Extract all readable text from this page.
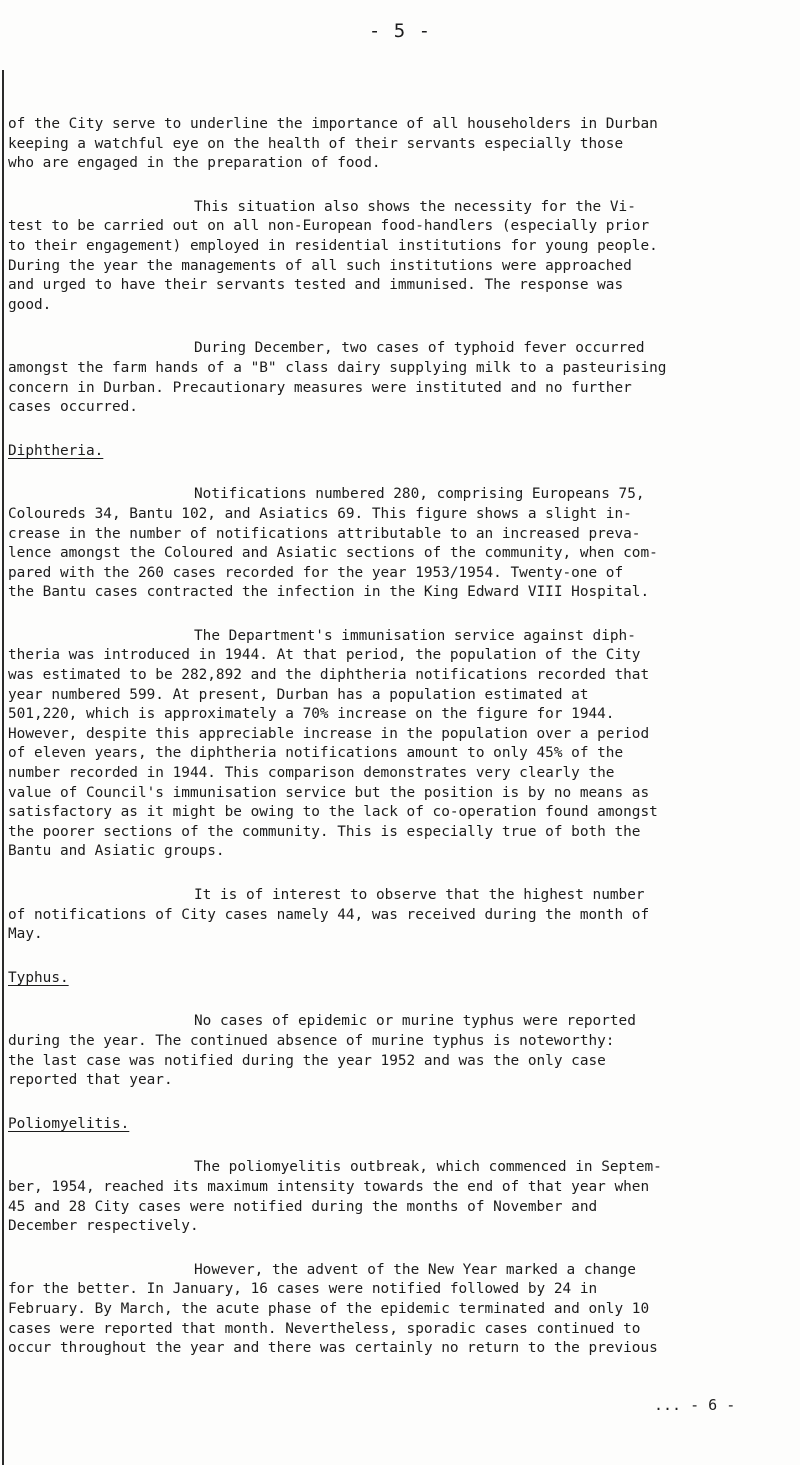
- 5 -
of the City serve to underline the importance of all householders in Durban
keeping a watchful eye on the health of their servants especially those
who are engaged in the preparation of food.
This situation also shows the necessity for the Vi-
test to be carried out on all non-European food-handlers (especially prior
to their engagement) employed in residential institutions for young people.
During the year the managements of all such institutions were approached
and urged to have their servants tested and immunised. The response was
good.
During December, two cases of typhoid fever occurred
amongst the farm hands of a "B" class dairy supplying milk to a pasteurising
concern in Durban. Precautionary measures were instituted and no further
cases occurred.
Diphtheria.
Notifications numbered 280, comprising Europeans 75,
Coloureds 34, Bantu 102, and Asiatics 69. This figure shows a slight in-
crease in the number of notifications attributable to an increased preva-
lence amongst the Coloured and Asiatic sections of the community, when com-
pared with the 260 cases recorded for the year 1953/1954. Twenty-one of
the Bantu cases contracted the infection in the King Edward VIII Hospital.
The Department's immunisation service against diph-
theria was introduced in 1944. At that period, the population of the City
was estimated to be 282,892 and the diphtheria notifications recorded that
year numbered 599. At present, Durban has a population estimated at
501,220, which is approximately a 70% increase on the figure for 1944.
However, despite this appreciable increase in the population over a period
of eleven years, the diphtheria notifications amount to only 45% of the
number recorded in 1944. This comparison demonstrates very clearly the
value of Council's immunisation service but the position is by no means as
satisfactory as it might be owing to the lack of co-operation found amongst
the poorer sections of the community. This is especially true of both the
Bantu and Asiatic groups.
It is of interest to observe that the highest number
of notifications of City cases namely 44, was received during the month of
May.
Typhus.
No cases of epidemic or murine typhus were reported
during the year. The continued absence of murine typhus is noteworthy:
the last case was notified during the year 1952 and was the only case
reported that year.
Poliomyelitis.
The poliomyelitis outbreak, which commenced in Septem-
ber, 1954, reached its maximum intensity towards the end of that year when
45 and 28 City cases were notified during the months of November and
December respectively.
However, the advent of the New Year marked a change
for the better. In January, 16 cases were notified followed by 24 in
February. By March, the acute phase of the epidemic terminated and only 10
cases were reported that month. Nevertheless, sporadic cases continued to
occur throughout the year and there was certainly no return to the previous
... - 6 -
